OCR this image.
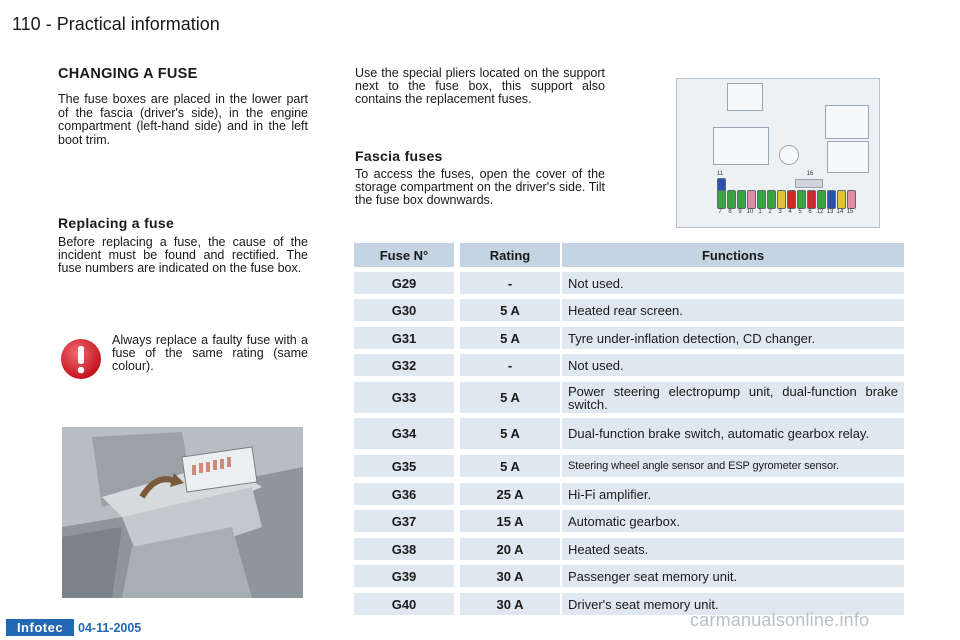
110 - Practical information
CHANGING A FUSE
The fuse boxes are placed in the lower part of the fascia (driver's side), in the engine compartment (left-hand side) and in the left boot trim.
Replacing a fuse
Before replacing a fuse, the cause of the incident must be found and rectified. The fuse numbers are indicated on the fuse box.
Always replace a faulty fuse with a fuse of the same rating (same colour).
Use the special pliers located on the support next to the fuse box, this support also contains the replacement fuses.
Fascia fuses
To access the fuses, open the cover of the storage compartment on the driver's side. Tilt the fuse box downwards.
11	16
7	8	9 10 1	2	3	4	5	6 12 13 14 15
Fuse N°	Rating	Functions
G29	-	Not used.
G30	5 A	Heated rear screen.
G31	5 A	Tyre under-inflation detection, CD changer.
G32	-	Not used.
G33	5 A	Power steering electropump unit, dual-function brake switch.
G34	5 A	Dual-function brake switch, automatic gearbox relay.
G35	5 A	Steering wheel angle sensor and ESP gyrometer sensor.
G36	25 A	Hi-Fi amplifier.
G37	15 A	Automatic gearbox.
G38	20 A	Heated seats.
G39	30 A	Passenger seat memory unit.
G40	30 A	Driver's seat memory unit.
Infotec	04-11-2005	carmanualsonline.info
